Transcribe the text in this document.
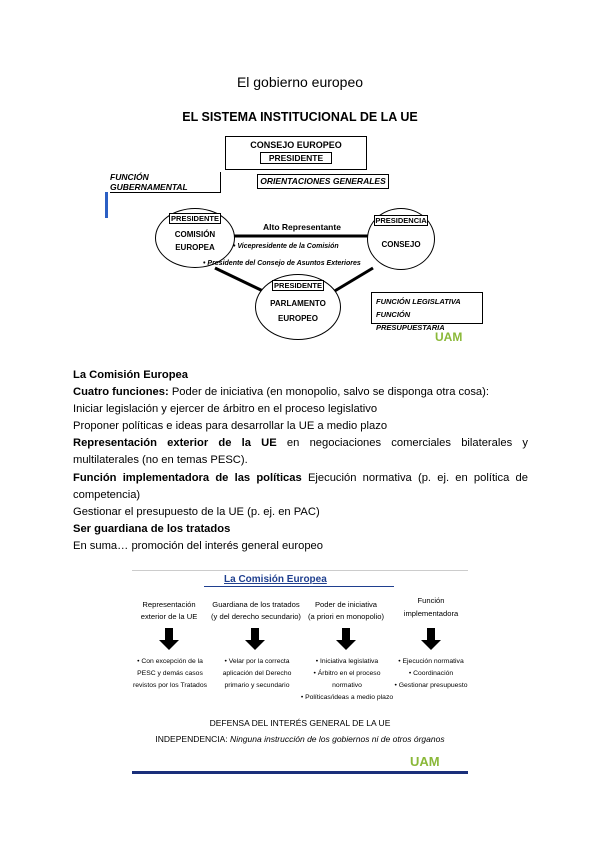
El gobierno europeo
EL SISTEMA INSTITUCIONAL DE LA UE
CONSEJO EUROPEO
PRESIDENTE
FUNCIÓN GUBERNAMENTAL
ORIENTACIONES GENERALES
PRESIDENTE
COMISIÓN
EUROPEA
Alto Representante
• Vicepresidente de la Comisión
• Presidente del Consejo de Asuntos Exteriores
PRESIDENCIA
CONSEJO
PRESIDENTE
PARLAMENTO
EUROPEO
FUNCIÓN LEGISLATIVA
FUNCIÓN PRESUPUESTARIA
UAM

La Comisión Europea

Cuatro funciones: Poder de iniciativa (en monopolio, salvo se disponga otra cosa):

Iniciar legislación y ejercer de árbitro en el proceso legislativo

Proponer políticas e ideas para desarrollar la UE a medio plazo

Representación exterior de la UE en negociaciones comerciales bilaterales y multilaterales (no en temas PESC).

Función implementadora de las políticas Ejecución normativa (p. ej. en política de competencia)

Gestionar el presupuesto de la UE (p. ej. en PAC)

Ser guardiana de los tratados

En suma… promoción del interés general europeo

La Comisión Europea
Representación
exterior de la UE
• Con excepción de la
PESC y demás casos
revistos por los Tratados
Guardiana de los tratados
(y del derecho secundario)
• Velar por la correcta
aplicación del Derecho
primario y secundario
Poder de iniciativa
(a priori en monopolio)
• Iniciativa legislativa
• Árbitro en el proceso normativo
• Políticas/ideas a medio plazo
Función
implementadora
• Ejecución normativa
• Coordinación
• Gestionar presupuesto
DEFENSA DEL INTERÉS GENERAL DE LA UE
INDEPENDENCIA: Ninguna instrucción de los gobiernos ni de otros órganos
UAM
